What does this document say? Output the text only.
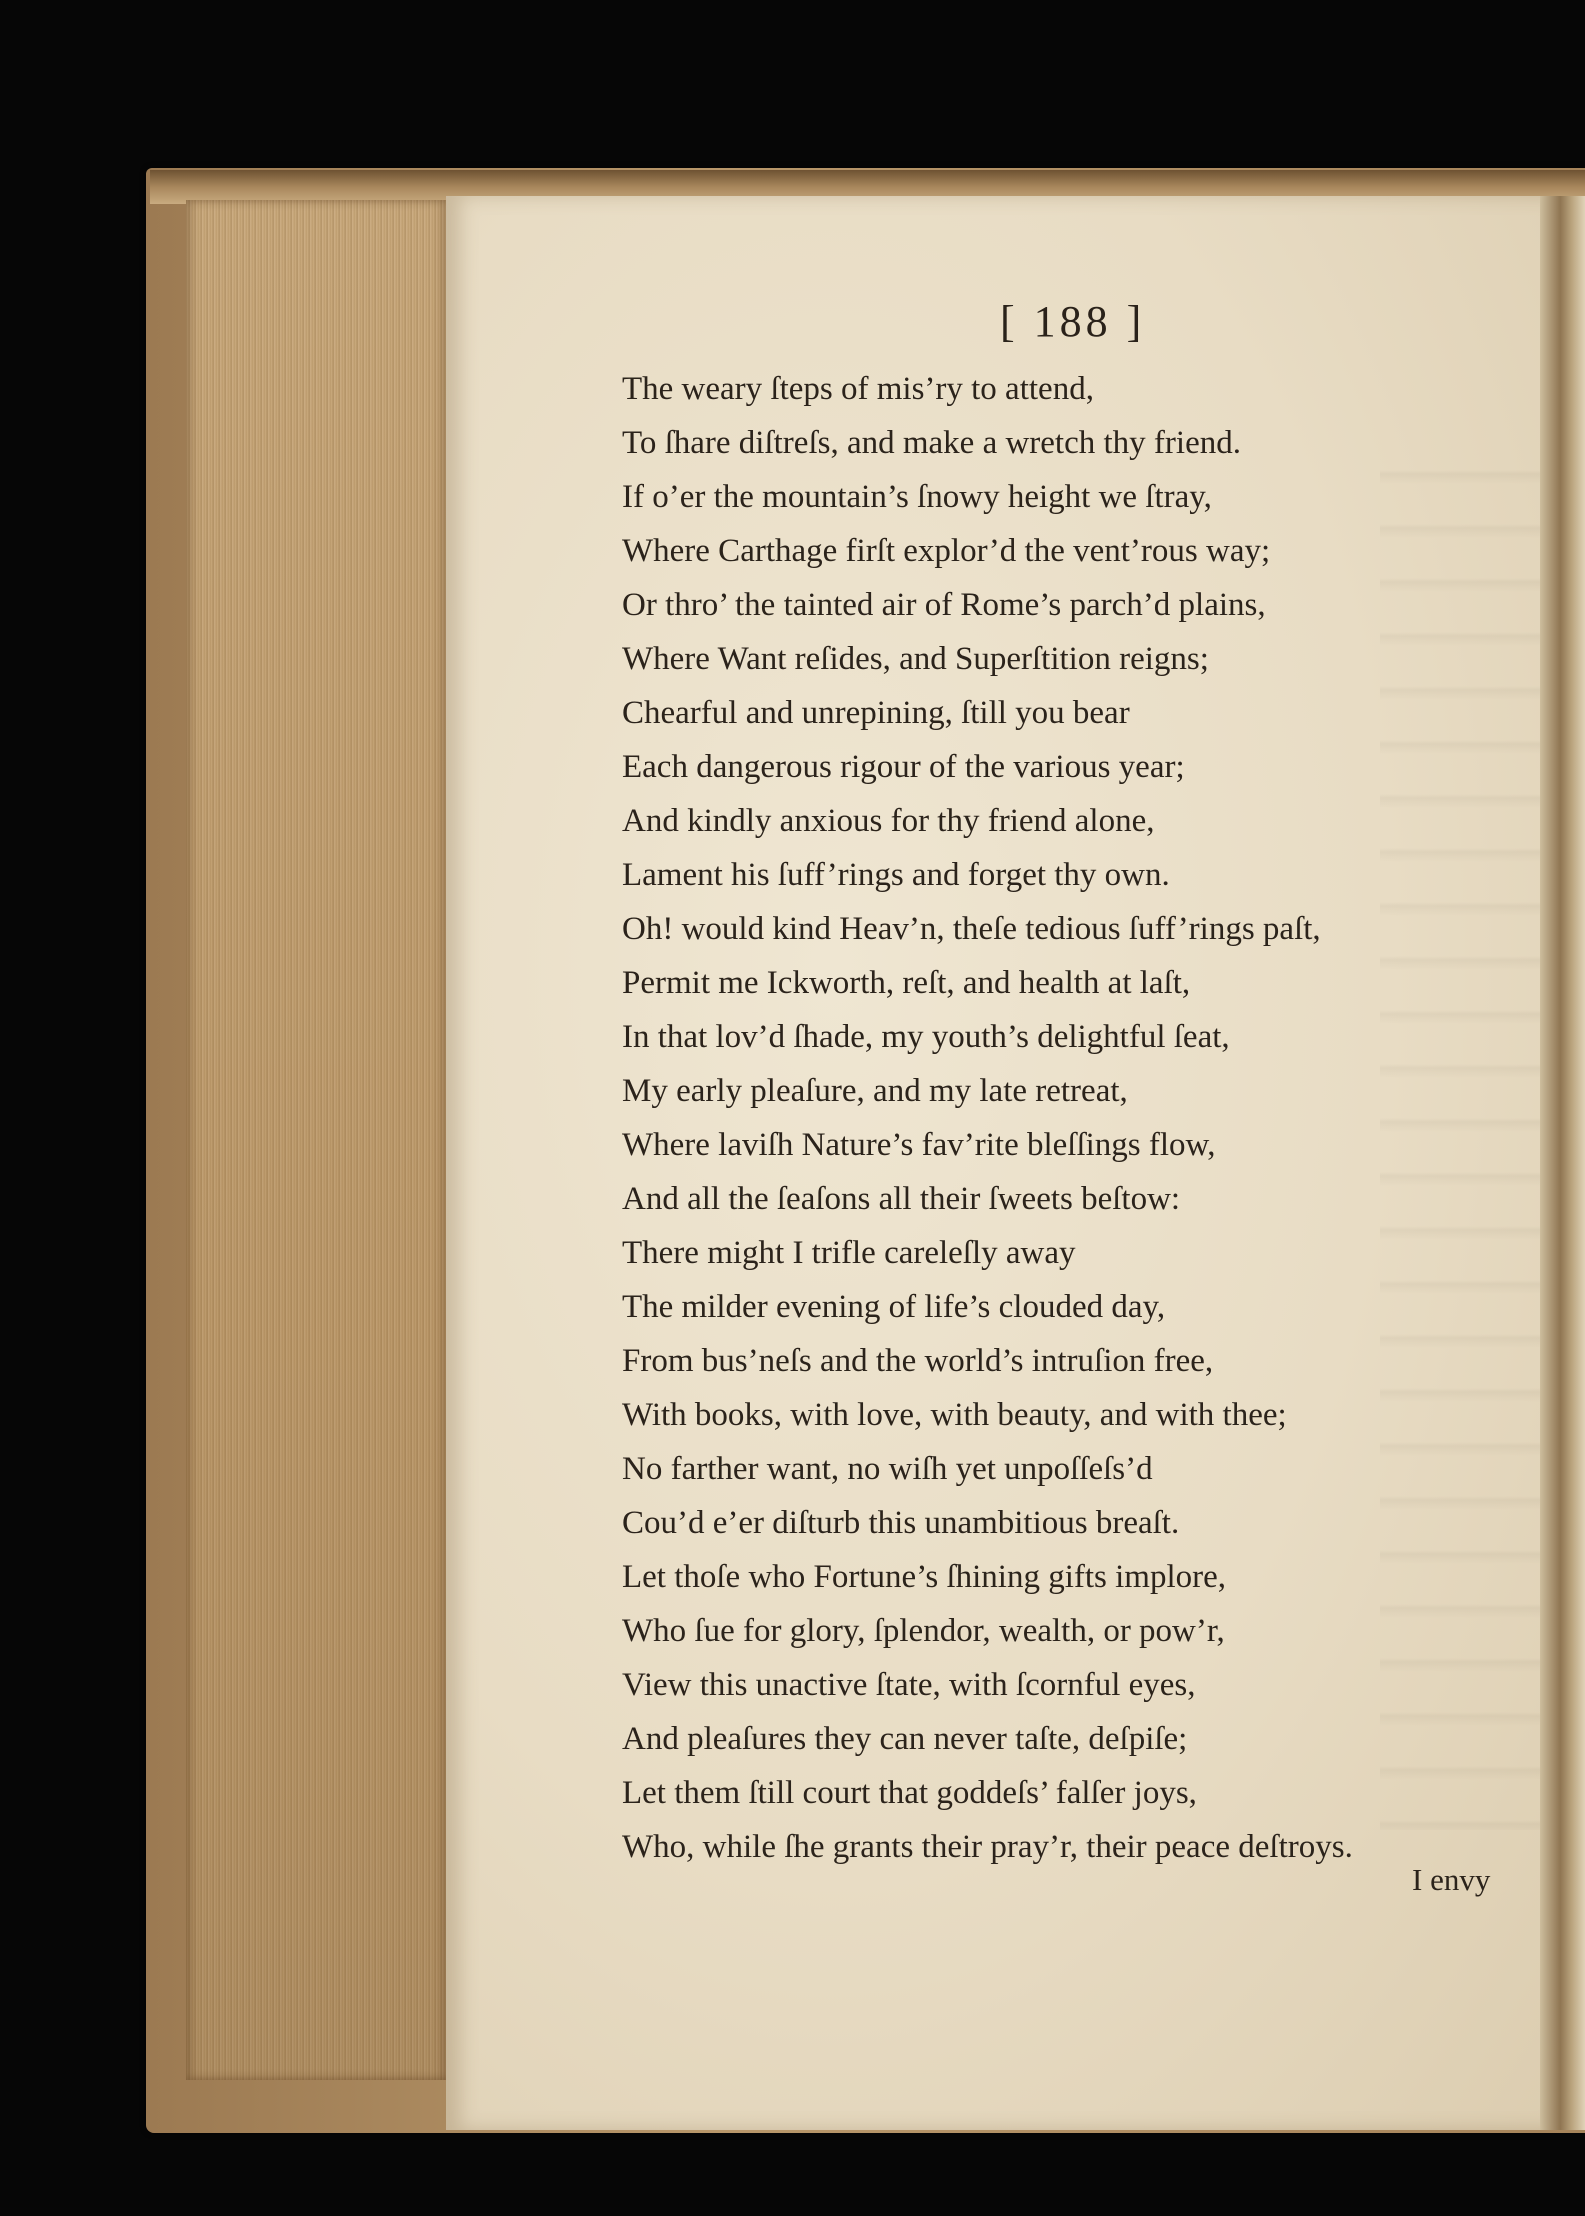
[ 188 ]
The weary ſteps of mis’ry to attend,
To ſhare diſtreſs, and make a wretch thy friend.
If o’er the mountain’s ſnowy height we ſtray,
Where Carthage firſt explor’d the vent’rous way;
Or thro’ the tainted air of Rome’s parch’d plains,
Where Want reſides, and Superſtition reigns;
Chearful and unrepining, ſtill you bear
Each dangerous rigour of the various year;
And kindly anxious for thy friend alone,
Lament his ſuff’rings and forget thy own.
Oh! would kind Heav’n, theſe tedious ſuff’rings paſt,
Permit me Ickworth, reſt, and health at laſt,
In that lov’d ſhade, my youth’s delightful ſeat,
My early pleaſure, and my late retreat,
Where laviſh Nature’s fav’rite bleſſings flow,
And all the ſeaſons all their ſweets beſtow:
There might I trifle careleſly away
The milder evening of life’s clouded day,
From bus’neſs and the world’s intruſion free,
With books, with love, with beauty, and with thee;
No farther want, no wiſh yet unpoſſeſs’d
Cou’d e’er diſturb this unambitious breaſt.
Let thoſe who Fortune’s ſhining gifts implore,
Who ſue for glory, ſplendor, wealth, or pow’r,
View this unactive ſtate, with ſcornful eyes,
And pleaſures they can never taſte, deſpiſe;
Let them ſtill court that goddeſs’ falſer joys,
Who, while ſhe grants their pray’r, their peace deſtroys.
I envy
